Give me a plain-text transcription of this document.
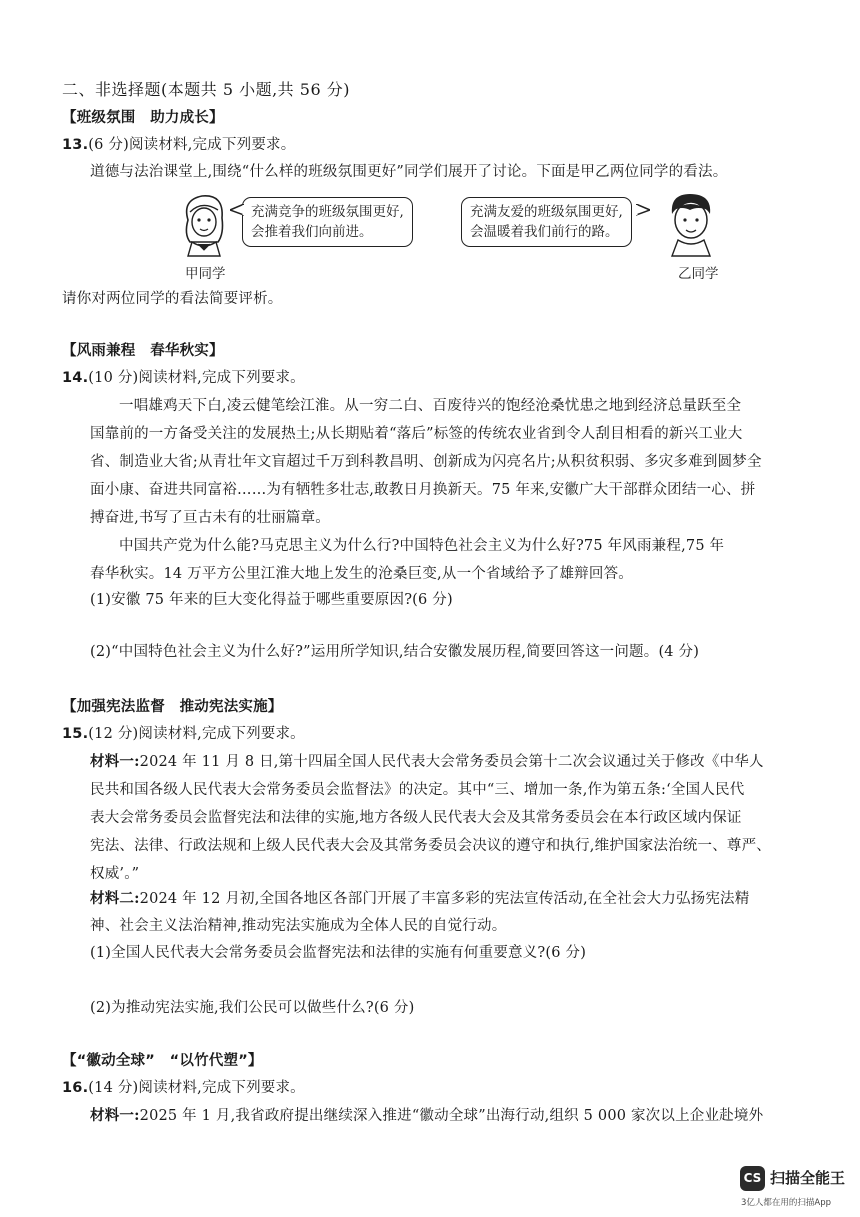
二、非选择题(本题共 5 小题,共 56 分)
【班级氛围　助力成长】
13.(6 分)阅读材料,完成下列要求。
道德与法治课堂上,围绕“什么样的班级氛围更好”同学们展开了讨论。下面是甲乙两位同学的看法。
充满竞争的班级氛围更好,
会推着我们向前进。
甲同学
充满友爱的班级氛围更好,
会温暖着我们前行的路。
乙同学
请你对两位同学的看法简要评析。
【风雨兼程　春华秋实】
14.(10 分)阅读材料,完成下列要求。
一唱雄鸡天下白,凌云健笔绘江淮。从一穷二白、百废待兴的饱经沧桑忧患之地到经济总量跃至全
国靠前的一方备受关注的发展热土;从长期贴着“落后”标签的传统农业省到令人刮目相看的新兴工业大
省、制造业大省;从青壮年文盲超过千万到科教昌明、创新成为闪亮名片;从积贫积弱、多灾多难到圆梦全
面小康、奋进共同富裕……为有牺牲多壮志,敢教日月换新天。75 年来,安徽广大干部群众团结一心、拼
搏奋进,书写了亘古未有的壮丽篇章。
中国共产党为什么能?马克思主义为什么行?中国特色社会主义为什么好?75 年风雨兼程,75 年
春华秋实。14 万平方公里江淮大地上发生的沧桑巨变,从一个省域给予了雄辩回答。
(1)安徽 75 年来的巨大变化得益于哪些重要原因?(6 分)
(2)“中国特色社会主义为什么好?”运用所学知识,结合安徽发展历程,简要回答这一问题。(4 分)
【加强宪法监督　推动宪法实施】
15.(12 分)阅读材料,完成下列要求。
材料一:2024 年 11 月 8 日,第十四届全国人民代表大会常务委员会第十二次会议通过关于修改《中华人
民共和国各级人民代表大会常务委员会监督法》的决定。其中“三、增加一条,作为第五条:‘全国人民代
表大会常务委员会监督宪法和法律的实施,地方各级人民代表大会及其常务委员会在本行政区域内保证
宪法、法律、行政法规和上级人民代表大会及其常务委员会决议的遵守和执行,维护国家法治统一、尊严、
权威’。”
材料二:2024 年 12 月初,全国各地区各部门开展了丰富多彩的宪法宣传活动,在全社会大力弘扬宪法精
神、社会主义法治精神,推动宪法实施成为全体人民的自觉行动。
(1)全国人民代表大会常务委员会监督宪法和法律的实施有何重要意义?(6 分)
(2)为推动宪法实施,我们公民可以做些什么?(6 分)
【“徽动全球”　“以竹代塑”】
16.(14 分)阅读材料,完成下列要求。
材料一:2025 年 1 月,我省政府提出继续深入推进“徽动全球”出海行动,组织 5 000 家次以上企业赴境外
CS 扫描全能王
3亿人都在用的扫描App
